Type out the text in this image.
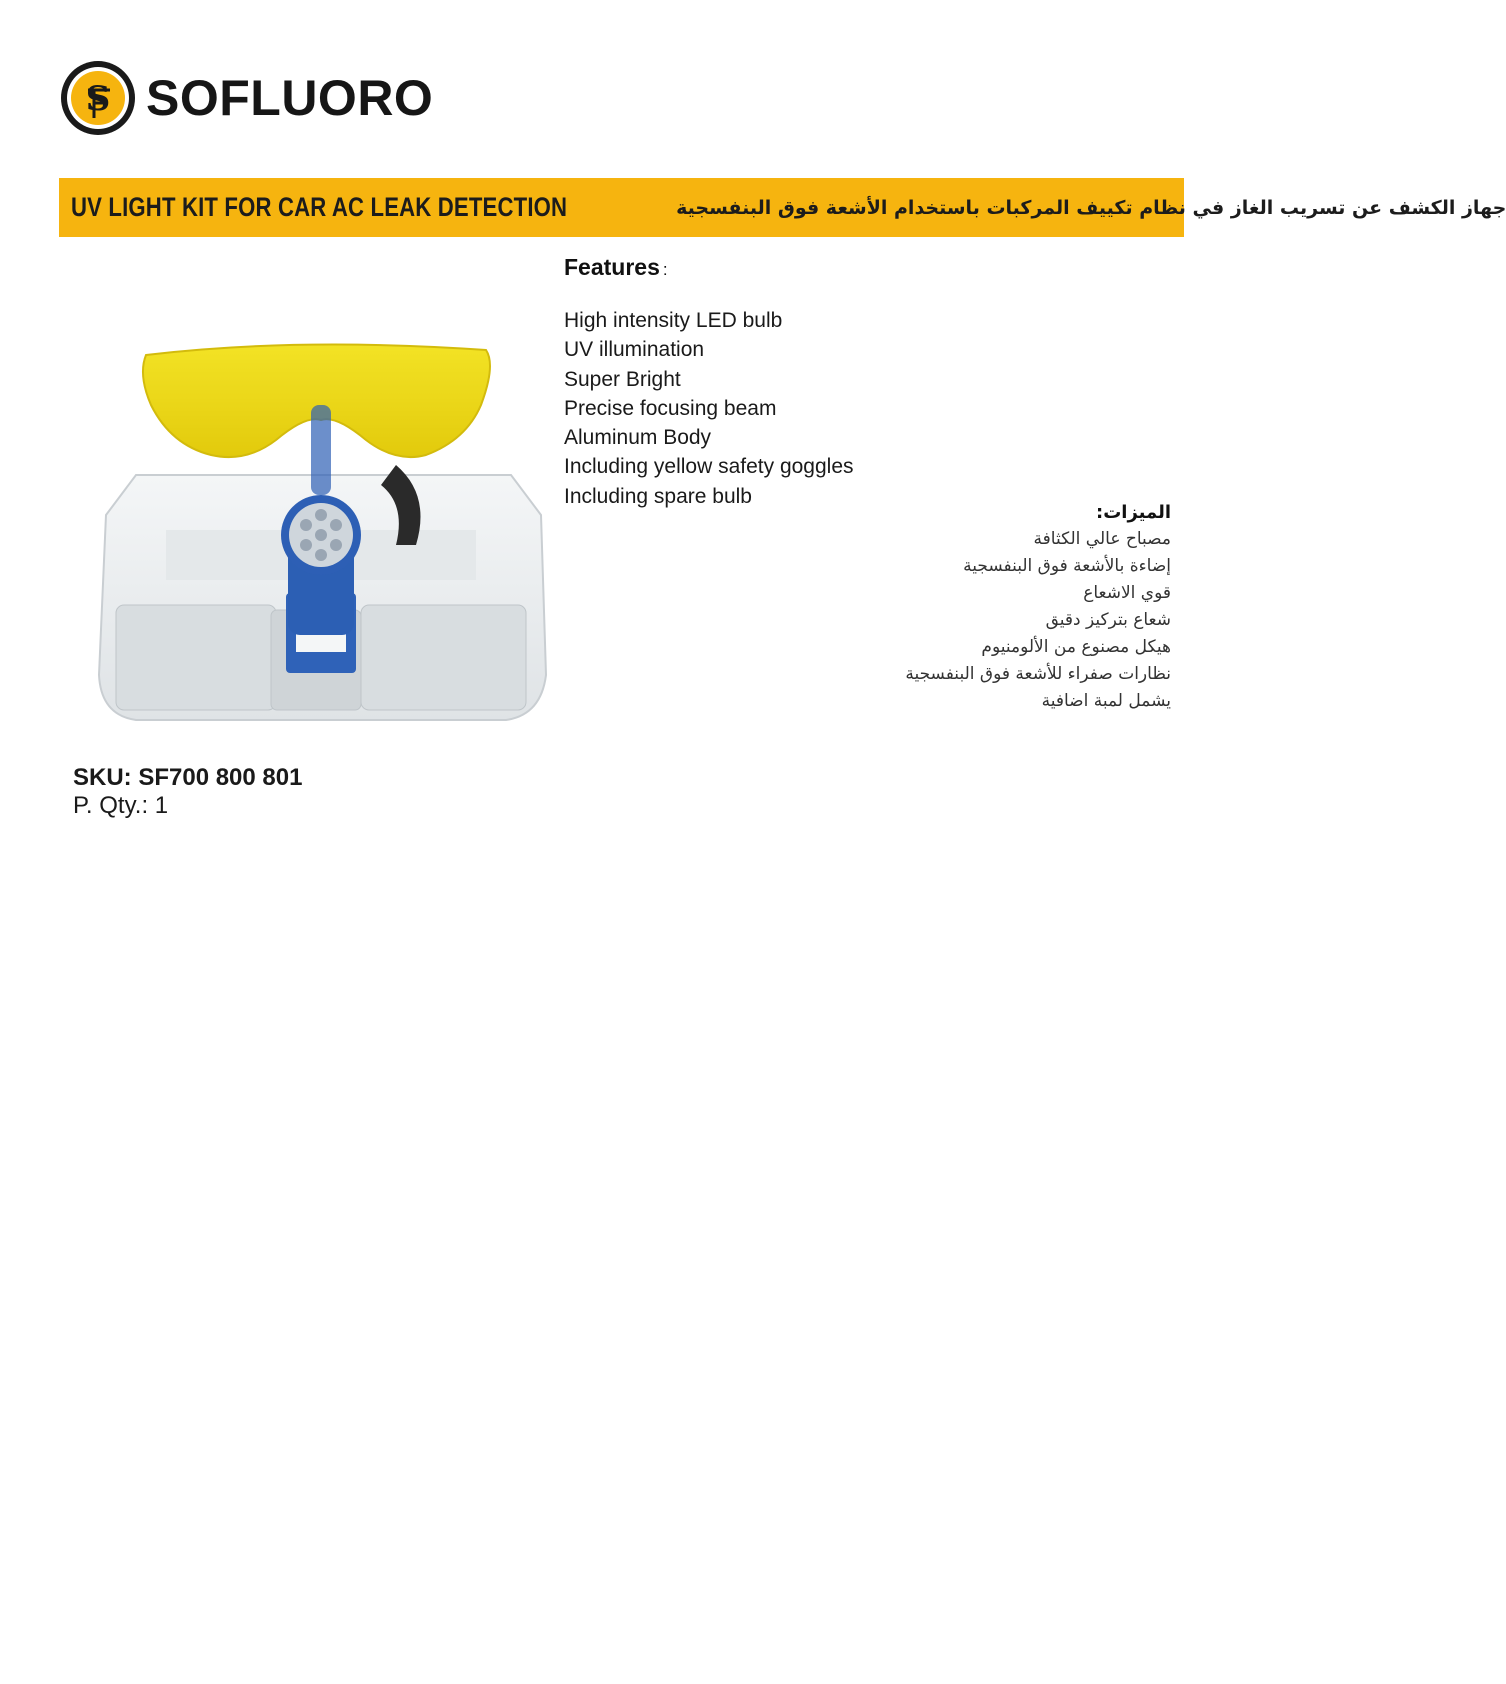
S SOFLUORO
UV LIGHT KIT FOR CAR AC LEAK DETECTION	جهاز الكشف عن تسريب الغاز في نظام تكييف المركبات باستخدام الأشعة فوق البنفسجية
Features :
High intensity LED bulb
UV illumination
Super Bright
Precise focusing beam
Aluminum Body
Including yellow safety goggles
Including spare bulb
الميزات:
مصباح عالي الكثافة
إضاءة بالأشعة فوق البنفسجية
قوي الاشعاع
شعاع بتركيز دقيق
هيكل مصنوع من الألومنيوم
نظارات صفراء للأشعة فوق البنفسجية
يشمل لمبة اضافية
SKU: SF700 800 801
P. Qty.: 1
